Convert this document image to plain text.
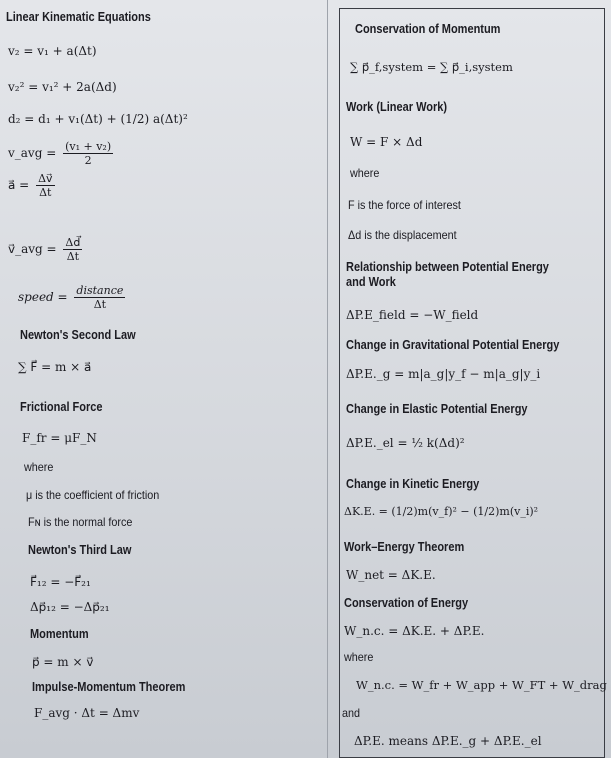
Linear Kinematic Equations
v₂ = v₁ + a(Δt)
v₂² = v₁² + 2a(Δd)
d₂ = d₁ + v₁(Δt) + (1/2) a(Δt)²
v_avg = $\frac{\text{(v₁ + v₂)}}{2}$
a⃗ = $\frac{\Delta v⃗}{\Delta t}$
v⃗_avg = $\frac{\Delta d⃗}{\Delta t}$
speed = $\frac{\text{distance}}{\Delta t}$
Newton's Second Law
∑ F⃗ = m × a⃗
Frictional Force
F_fr = μF_N
where
μ is the coefficient of friction
Fɴ is the normal force
Newton's Third Law
F⃗₁₂ = −F⃗₂₁
Δp⃗₁₂ = −Δp⃗₂₁
Momentum
p⃗ = m × v⃗
Impulse-Momentum Theorem
F_avg · Δt = Δmv
Conservation of Momentum
∑ p⃗_f,system = ∑ p⃗_i,system
Work (Linear Work)
W = F × Δd
where
F is the force of interest
Δd is the displacement
Relationship between Potential Energy
and Work
ΔP.E_field = −W_field
Change in Gravitational Potential Energy
ΔP.E._g = m|a_g|y_f − m|a_g|y_i
Change in Elastic Potential Energy
ΔP.E._el = ½ k(Δd)²
Change in Kinetic Energy
ΔK.E. = (1/2)m(v_f)² − (1/2)m(v_i)²
Work–Energy Theorem
W_net = ΔK.E.
Conservation of Energy
W_n.c. = ΔK.E. + ΔP.E.
where
W_n.c. = W_fr + W_app + W_FT + W_drag
and
ΔP.E. means ΔP.E._g + ΔP.E._el
